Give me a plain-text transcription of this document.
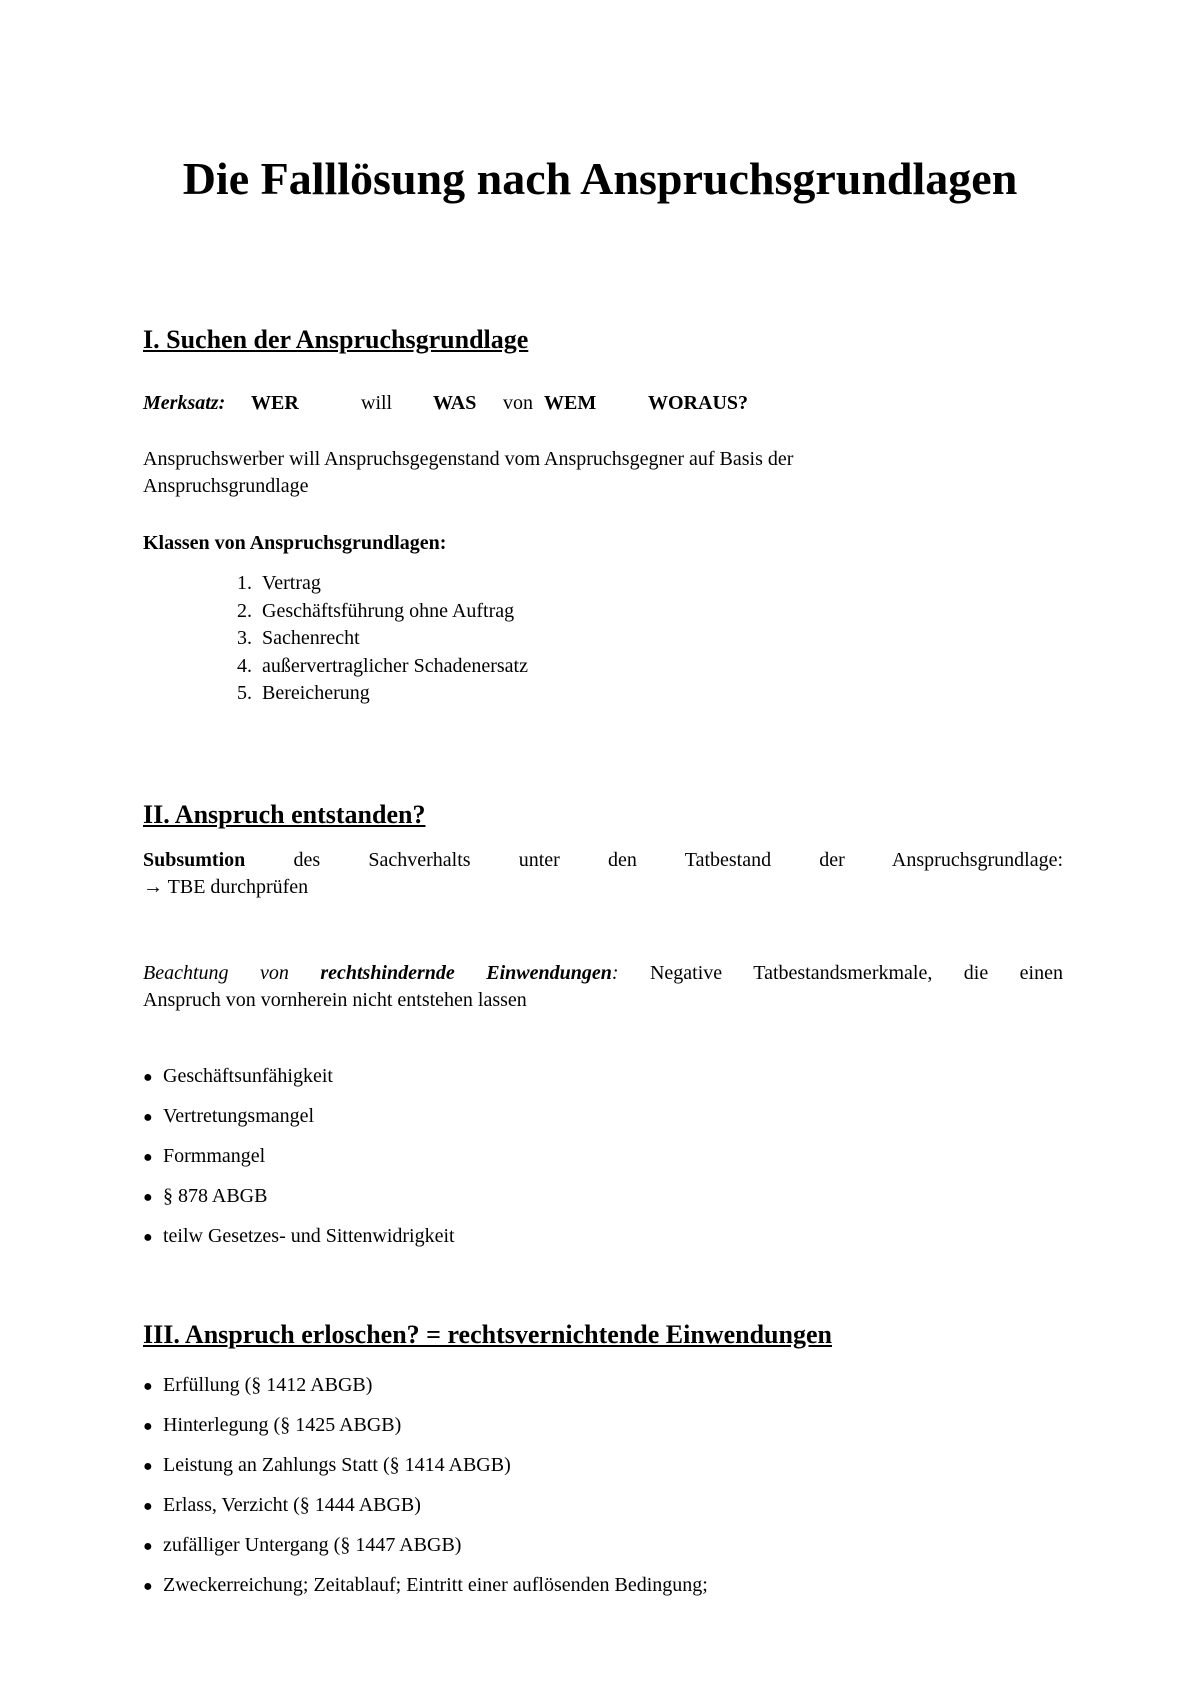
Die Falllösung nach Anspruchsgrundlagen
I. Suchen der Anspruchsgrundlage
Merksatz: WER	will WAS von WEM	WORAUS?
Anspruchswerber will Anspruchsgegenstand vom Anspruchsgegner auf Basis der
Anspruchsgrundlage
Klassen von Anspruchsgrundlagen:
1. Vertrag
2. Geschäftsführung ohne Auftrag
3. Sachenrecht
4. außervertraglicher Schadenersatz
5. Bereicherung
II. Anspruch entstanden?
Subsumtion des Sachverhalts unter den Tatbestand der Anspruchsgrundlage:
→ TBE durchprüfen
Beachtung von rechtshindernde Einwendungen: Negative Tatbestandsmerkmale, die einen
Anspruch von vornherein nicht entstehen lassen
● Geschäftsunfähigkeit
● Vertretungsmangel
● Formmangel
● § 878 ABGB
● teilw Gesetzes- und Sittenwidrigkeit
III. Anspruch erloschen? = rechtsvernichtende Einwendungen
● Erfüllung (§ 1412 ABGB)
● Hinterlegung (§ 1425 ABGB)
● Leistung an Zahlungs Statt (§ 1414 ABGB)
● Erlass, Verzicht (§ 1444 ABGB)
● zufälliger Untergang (§ 1447 ABGB)
● Zweckerreichung; Zeitablauf; Eintritt einer auflösenden Bedingung;
